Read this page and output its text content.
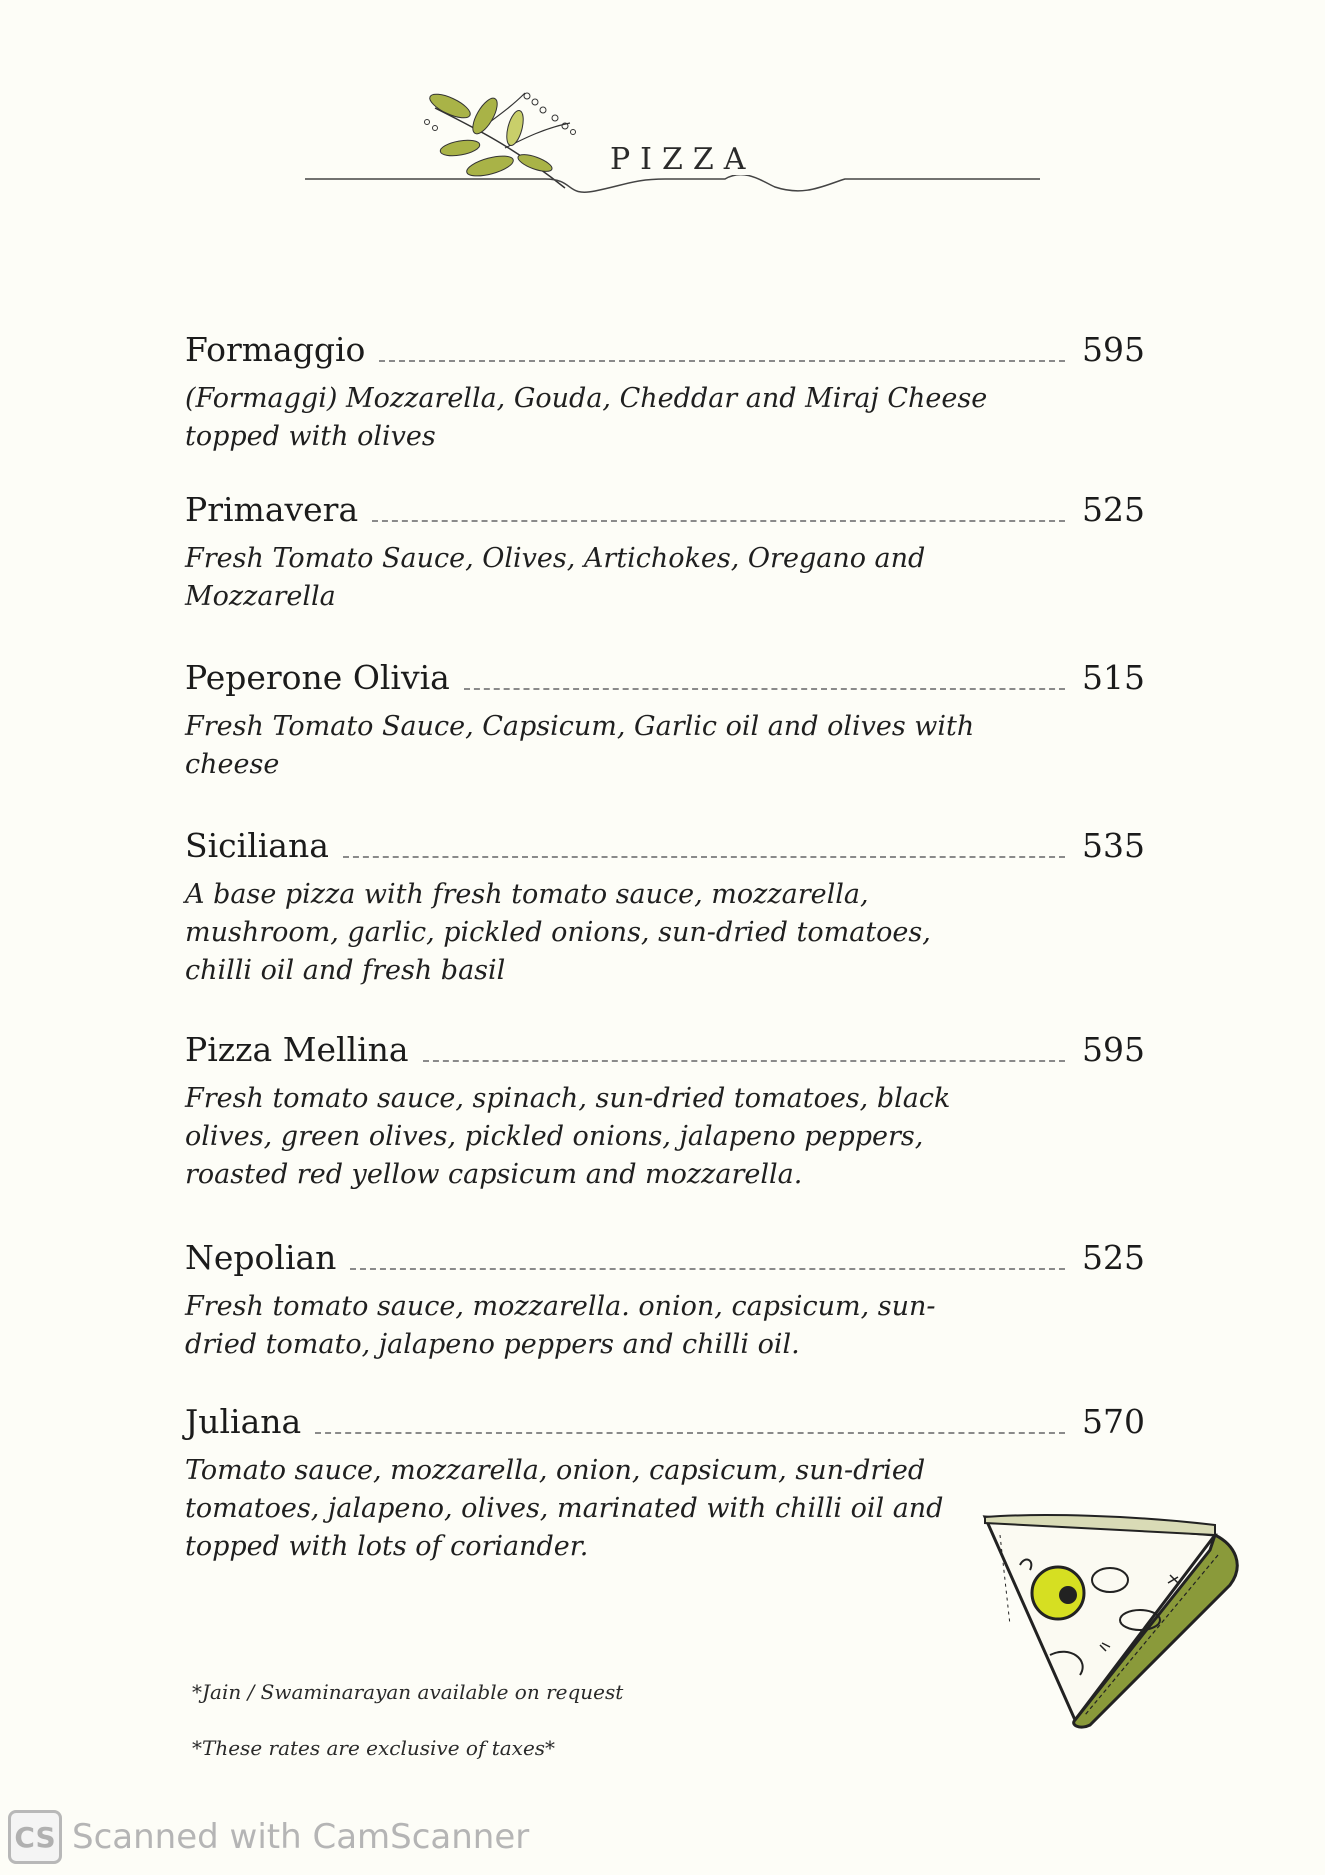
PIZZA
Formaggio	595
(Formaggi) Mozzarella, Gouda, Cheddar and Miraj Cheese topped with olives
Primavera	525
Fresh Tomato Sauce, Olives, Artichokes, Oregano and Mozzarella
Peperone Olivia	515
Fresh Tomato Sauce, Capsicum, Garlic oil and olives with cheese
Siciliana	535
A base pizza with fresh tomato sauce, mozzarella, mushroom, garlic, pickled onions, sun-dried tomatoes, chilli oil and fresh basil
Pizza Mellina	595
Fresh tomato sauce, spinach, sun-dried tomatoes, black olives, green olives, pickled onions, jalapeno peppers, roasted red yellow capsicum and mozzarella.
Nepolian	525
Fresh tomato sauce, mozzarella. onion, capsicum, sun-dried tomato, jalapeno peppers and chilli oil.
Juliana	570
Tomato sauce, mozzarella, onion, capsicum, sun-dried tomatoes, jalapeno, olives, marinated with chilli oil and topped with lots of coriander.
*Jain / Swaminarayan available on request
*These rates are exclusive of taxes*
CS Scanned with CamScanner
